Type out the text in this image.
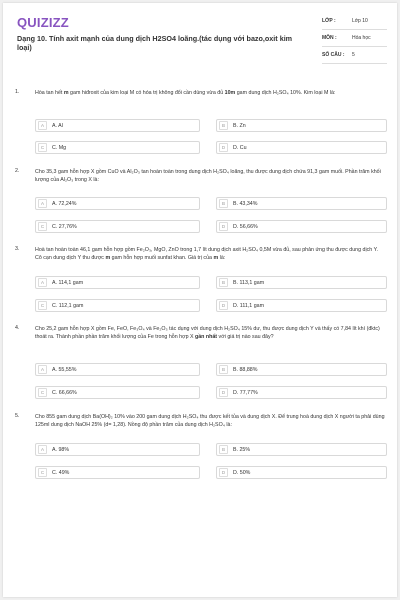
QUIZIZZ
Dạng 10. Tính axit mạnh của dung dịch H2SO4 loãng.(tác dụng với bazo,oxit kim loại)
LỚP :	Lớp 10
MÔN :	Hóa học
SỐ CÂU :	5
1.	Hòa tan hết m gam hiđroxit của kim loại M có hóa trị không đổi cần dùng vừa đủ 10m gam dung dịch H₂SO₄ 10%. Kim loại M là:
A	A. Al	B	B. Zn
C	C. Mg	D	D. Cu
2.	Cho 35,3 gam hỗn hợp X gồm CuO và Al₂O₃ tan hoàn toàn trong dung dịch H₂SO₄ loãng, thu được dung dịch chứa 91,3 gam muối. Phần trăm khối lượng của Al₂O₃ trong X là:
A	A. 72,24%	B	B. 43,34%
C	C. 27,76%	D	D. 56,66%
3.	Hoà tan hoàn toàn 46,1 gam hỗn hợp gồm Fe₂O₃, MgO, ZnO trong 1,7 lít dung dịch axit H₂SO₄ 0,5M vừa đủ, sau phản ứng thu được dung dịch Y. Cô cạn dung dịch Y thu được m gam hỗn hợp muối sunfat khan. Giá trị của m là:
A	A. 114,1 gam	B	B. 113,1 gam
C	C. 112,1 gam	D	D. 111,1 gam
4.	Cho 25,2 gam hỗn hợp X gồm Fe, FeO, Fe₃O₄ và Fe₂O₃ tác dụng với dung dịch H₂SO₄ 15% dư, thu được dung dịch Y và thấy có 7,84 lít khí (đktc) thoát ra. Thành phần phần trăm khối lượng của Fe trong hỗn hợp X gần nhất với giá trị nào sau đây?
A	A. 55,55%	B	B. 88,88%
C	C. 66,66%	D	D. 77,77%
5.	Cho 855 gam dung dịch Ba(OH)₂ 10% vào 200 gam dung dịch H₂SO₄ thu được kết tủa và dung dịch X. Để trung hoà dung dịch X người ta phải dùng 125ml dung dịch NaOH 25% (d= 1,28). Nồng độ phần trăm của dung dịch H₂SO₄ là:
A	A. 98%	B	B. 25%
C	C. 49%	D	D. 50%
